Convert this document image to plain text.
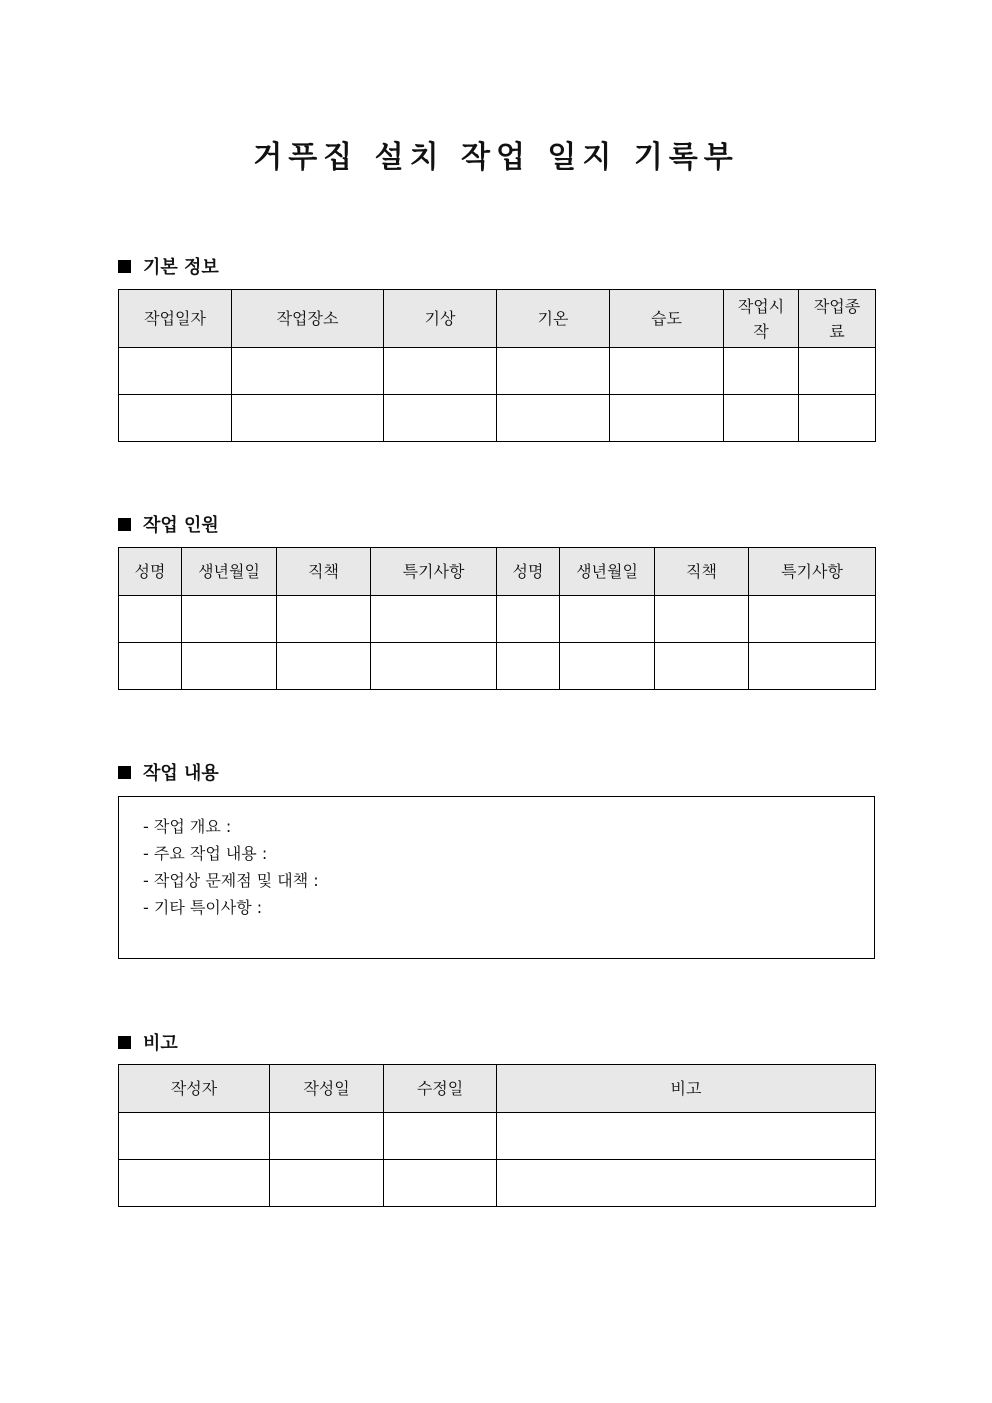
거푸집 설치 작업 일지 기록부
기본 정보
작업일자	작업장소	기상	기온	습도	작업시작	작업종료

작업 인원
성명	생년월일	직책	특기사항	성명	생년월일	직책	특기사항

작업 내용
- 작업 개요 :
- 주요 작업 내용 :
- 작업상 문제점 및 대책 :
- 기타 특이사항 :
비고
작성자	작성일	수정일	비고
